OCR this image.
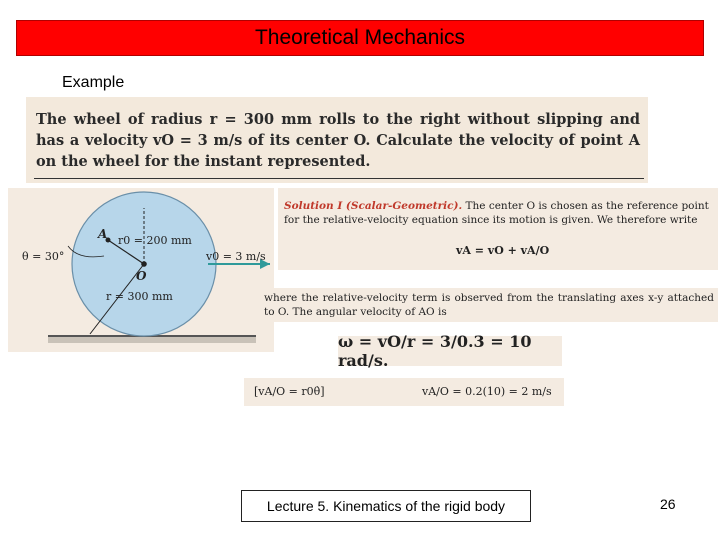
Theoretical Mechanics
Example

The wheel of radius r = 300 mm rolls to the right without slipping and has a velocity vO = 3 m/s of its center O. Calculate the velocity of point A on the wheel for the instant represented.

θ = 30°
A r0 = 200 mm
O
v0 = 3 m/s
r = 300 mm
Solution I (Scalar-Geometric). The center O is chosen as the reference point for the relative-velocity equation since its motion is given. We therefore write
vA = vO + vA/O
where the relative-velocity term is observed from the translating axes x-y attached to O. The angular velocity of AO is
ω = vO/r = 3/0.3 = 10 rad/s.
[vA/O = r0θ̇]	vA/O = 0.2(10) = 2 m/s
Lecture 5. Kinematics of the rigid body	26
